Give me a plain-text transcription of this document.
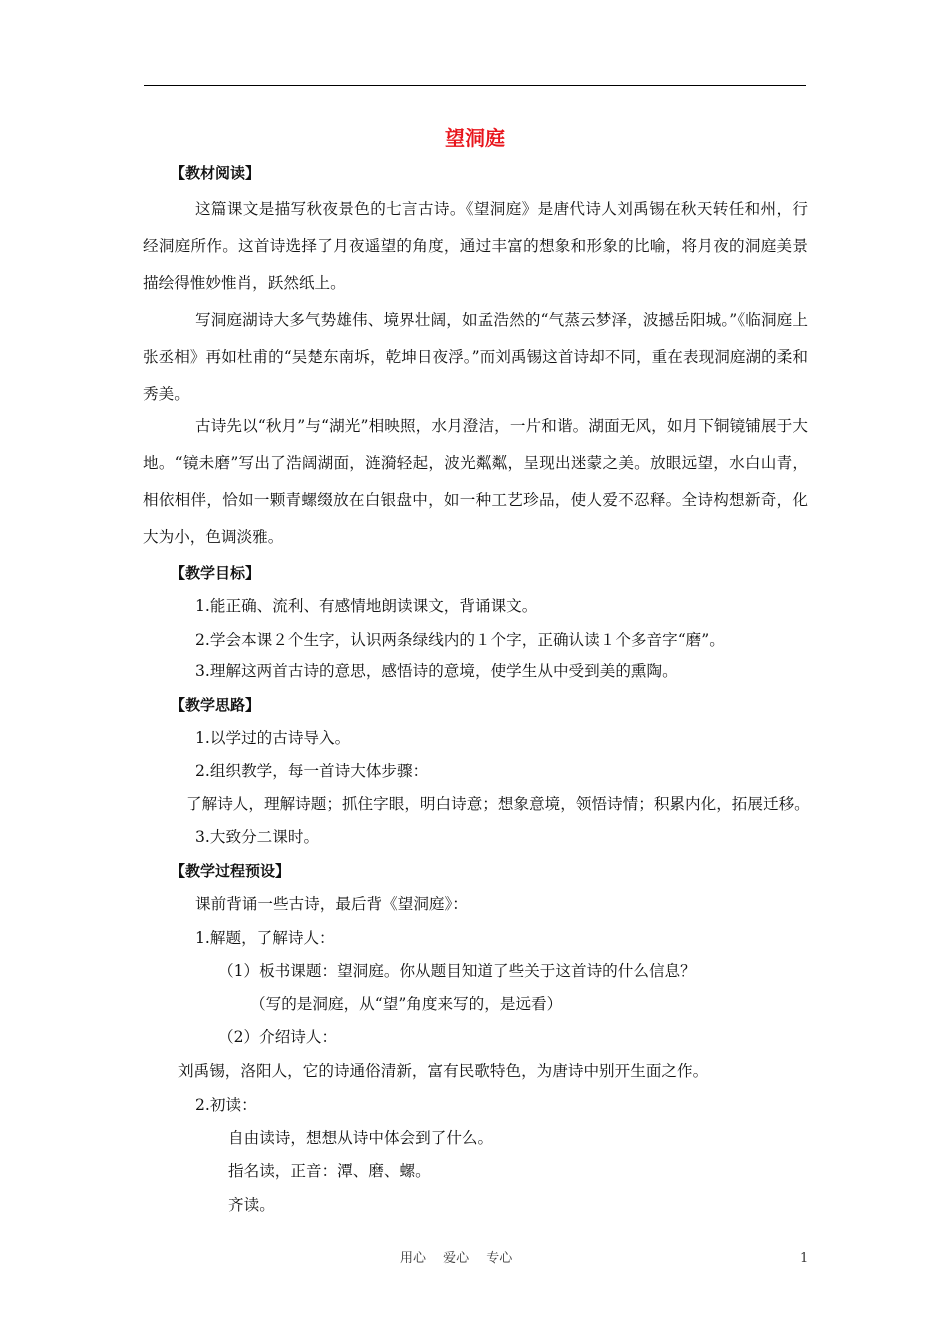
望洞庭
【教材阅读】

这篇课文是描写秋夜景色的七言古诗。《望洞庭》是唐代诗人刘禹锡在秋天转任和州，行经洞庭所作。这首诗选择了月夜遥望的角度，通过丰富的想象和形象的比喻，将月夜的洞庭美景描绘得惟妙惟肖，跃然纸上。

写洞庭湖诗大多气势雄伟、境界壮阔，如孟浩然的“气蒸云梦泽，波撼岳阳城。”《临洞庭上张丞相》再如杜甫的“吴楚东南坼，乾坤日夜浮。”而刘禹锡这首诗却不同，重在表现洞庭湖的柔和秀美。

古诗先以“秋月”与“湖光”相映照，水月澄洁，一片和谐。湖面无风，如月下铜镜铺展于大地。“镜未磨”写出了浩阔湖面，涟漪轻起，波光粼粼，呈现出迷蒙之美。放眼远望，水白山青，相依相伴，恰如一颗青螺缀放在白银盘中，如一种工艺珍品，使人爱不忍释。全诗构想新奇，化大为小，色调淡雅。

【教学目标】
1.能正确、流利、有感情地朗读课文，背诵课文。
2.学会本课２个生字，认识两条绿线内的１个字，正确认读１个多音字“磨”。
3.理解这两首古诗的意思，感悟诗的意境，使学生从中受到美的熏陶。
【教学思路】
1.以学过的古诗导入。
2.组织教学，每一首诗大体步骤：
了解诗人，理解诗题；抓住字眼，明白诗意；想象意境，领悟诗情；积累内化，拓展迁移。
3.大致分二课时。
【教学过程预设】
课前背诵一些古诗，最后背《望洞庭》：
1.解题，了解诗人：
（1）板书课题：望洞庭。你从题目知道了些关于这首诗的什么信息？
（写的是洞庭，从“望”角度来写的，是远看）
（2）介绍诗人：
刘禹锡，洛阳人，它的诗通俗清新，富有民歌特色，为唐诗中别开生面之作。
2.初读：
自由读诗，想想从诗中体会到了什么。
指名读，正音：潭、磨、螺。
齐读。
用心　 爱心　 专心	1
